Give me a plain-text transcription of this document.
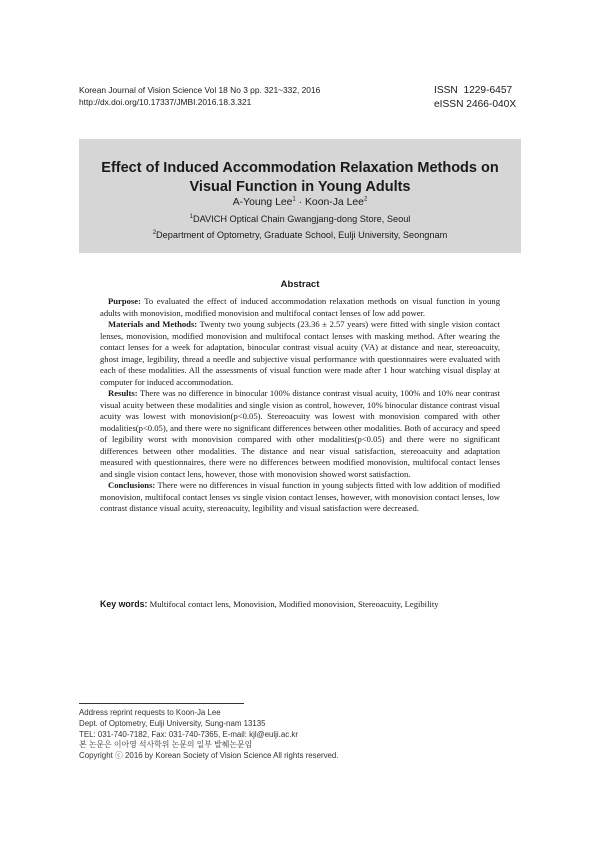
Korean Journal of Vision Science Vol 18 No 3 pp. 321~332, 2016
http://dx.doi.org/10.17337/JMBI.2016.18.3.321
ISSN  1229-6457
eISSN 2466-040X
Effect of Induced Accommodation Relaxation Methods on
Visual Function in Young Adults
A-Young Lee$^1$ · Koon-Ja Lee$^2$
$^1$DAVICH Optical Chain Gwangjang-dong Store, Seoul
$^2$Department of Optometry, Graduate School, Eulji University, Seongnam
Abstract

Purpose: To evaluated the effect of induced accommodation relaxation methods on visual function in young adults with monovision, modified monovision and multifocal contact lenses of low add power.

Materials and Methods: Twenty two young subjects (23.36 ± 2.57 years) were fitted with single vision contact lenses, monovision, modified monovision and multifocal contact lenses with masking method. After wearing the contact lenses for a week for adaptation, binocular contrast visual acuity (VA) at distance and near, stereoacuity, ghost image, legibility, thread a needle and subjective visual performance with questionnaires were evaluated with each of these modalities. All the assessments of visual function were made after 1 hour watching visual display at computer for induced accommodation.

Results: There was no difference in binocular 100% distance contrast visual acuity, 100% and 10% near contrast visual acuity between these modalities and single vision as control, however, 10% binocular distance contrast visual acuity was lowest with monovision(p<0.05). Stereoacuity was lowest with monovision compared with other modalities(p<0.05), and there were no significant differences between other modalities. Both of accuracy and speed of legibility worst with monovision compared with other modalities(p<0.05) and there were no significant differences between other modalities. The distance and near visual satisfaction, stereoacuity and adaptation measured with questionnaires, there were no differences between modified monovision, multifocal contact lenses and single vision contact lens, however, those with monovision showed worst satisfaction.

Conclusions: There were no differences in visual function in young subjects fitted with low addition of modified monovision, multifocal contact lenses vs single vision contact lenses, however, with monovision contact lenses, low contrast distance visual acuity, stereoacuity, legibility and visual satisfaction were decreased.

Key words: Multifocal contact lens, Monovision, Modified monovision, Stereoacuity, Legibility
Address reprint requests to Koon-Ja Lee
Dept. of Optometry, Eulji University, Sung-nam 13135
TEL: 031-740-7182, Fax: 031-740-7365, E-mail: kjl@eulji.ac.kr
본 논문은 이아영 석사학위 논문의 일부 발췌논문임
Copyright ⓒ 2016 by Korean Society of Vision Science All rights reserved.
